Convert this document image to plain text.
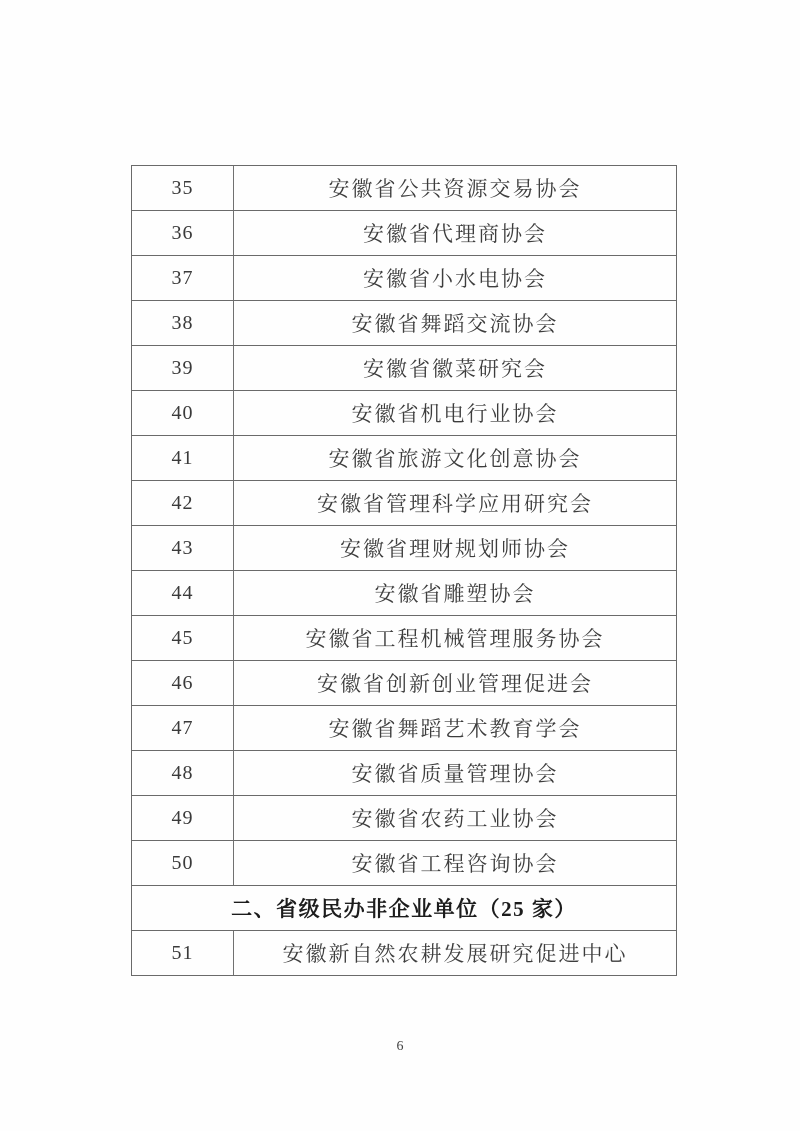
35	安徽省公共资源交易协会
36	安徽省代理商协会
37	安徽省小水电协会
38	安徽省舞蹈交流协会
39	安徽省徽菜研究会
40	安徽省机电行业协会
41	安徽省旅游文化创意协会
42	安徽省管理科学应用研究会
43	安徽省理财规划师协会
44	安徽省雕塑协会
45	安徽省工程机械管理服务协会
46	安徽省创新创业管理促进会
47	安徽省舞蹈艺术教育学会
48	安徽省质量管理协会
49	安徽省农药工业协会
50	安徽省工程咨询协会
二、省级民办非企业单位（25 家）
51	安徽新自然农耕发展研究促进中心
6
